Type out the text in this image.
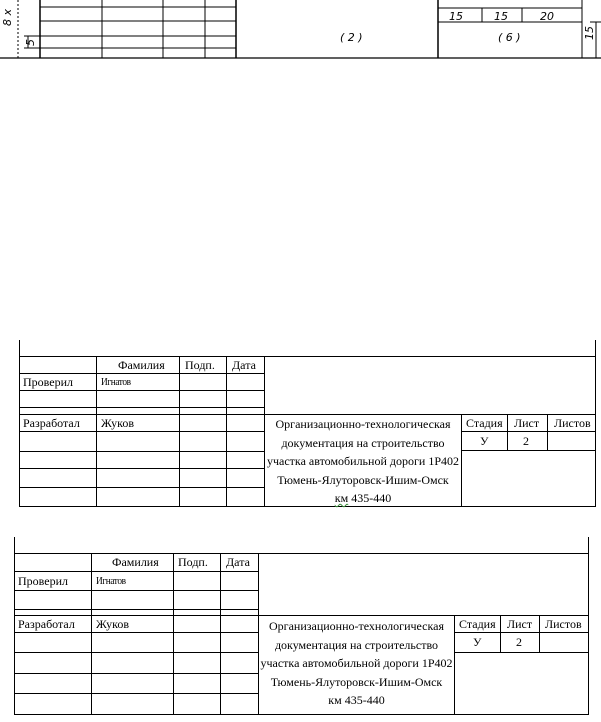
8 х
5	( 2 )	( 6 )
15	15	20
15
Фамилия Подп. Дата
Проверил	Игнатов
Разработал Жуков	Стадия Лист Листов
У	2
Организационно-технологическая
документация на строительство
участка автомобильной дороги 1Р402
Тюмень-Ялуторовск-Ишим-Омск
км 435-440
Фамилия Подп. Дата
Проверил	Игнатов
Разработал Жуков	Стадия Лист Листов
У	2
Организационно-технологическая
документация на строительство
участка автомобильной дороги 1Р402
Тюмень-Ялуторовск-Ишим-Омск
км 435-440
